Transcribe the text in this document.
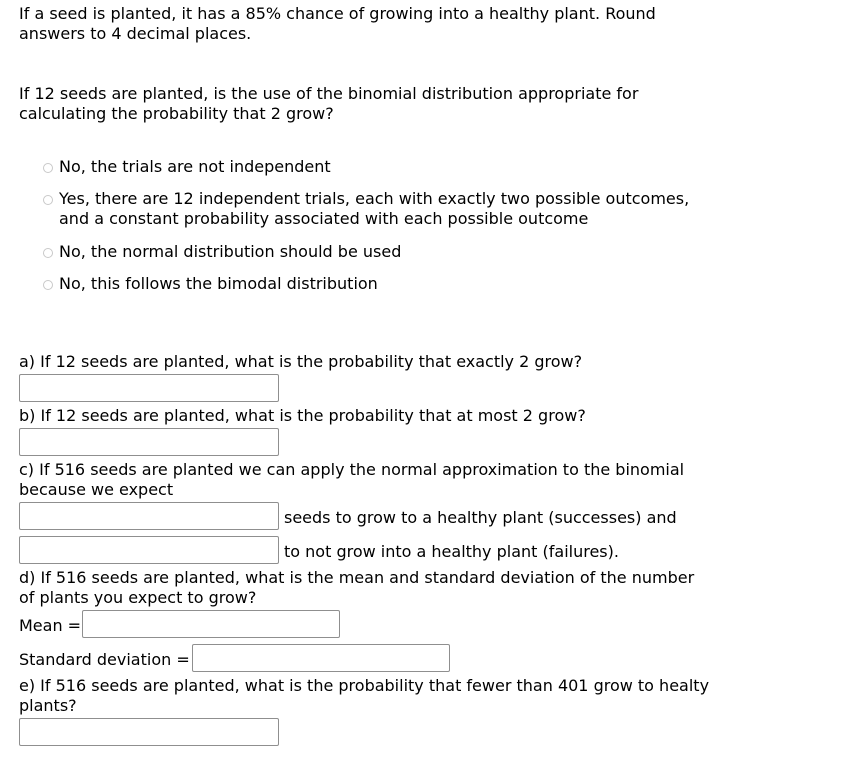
If a seed is planted, it has a 85% chance of growing into a healthy plant. Round

answers to 4 decimal places.

If 12 seeds are planted, is the use of the binomial distribution appropriate for

calculating the probability that 2 grow?

No, the trials are not independent
Yes, there are 12 independent trials, each with exactly two possible outcomes,
and a constant probability associated with each possible outcome
No, the normal distribution should be used
No, this follows the bimodal distribution

a) If 12 seeds are planted, what is the probability that exactly 2 grow?

b) If 12 seeds are planted, what is the probability that at most 2 grow?

c) If 516 seeds are planted we can apply the normal approximation to the binomial

because we expect

seeds to grow to a healthy plant (successes) and

to not grow into a healthy plant (failures).

d) If 516 seeds are planted, what is the mean and standard deviation of the number

of plants you expect to grow?

Mean =

Standard deviation =

e) If 516 seeds are planted, what is the probability that fewer than 401 grow to healty

plants?
